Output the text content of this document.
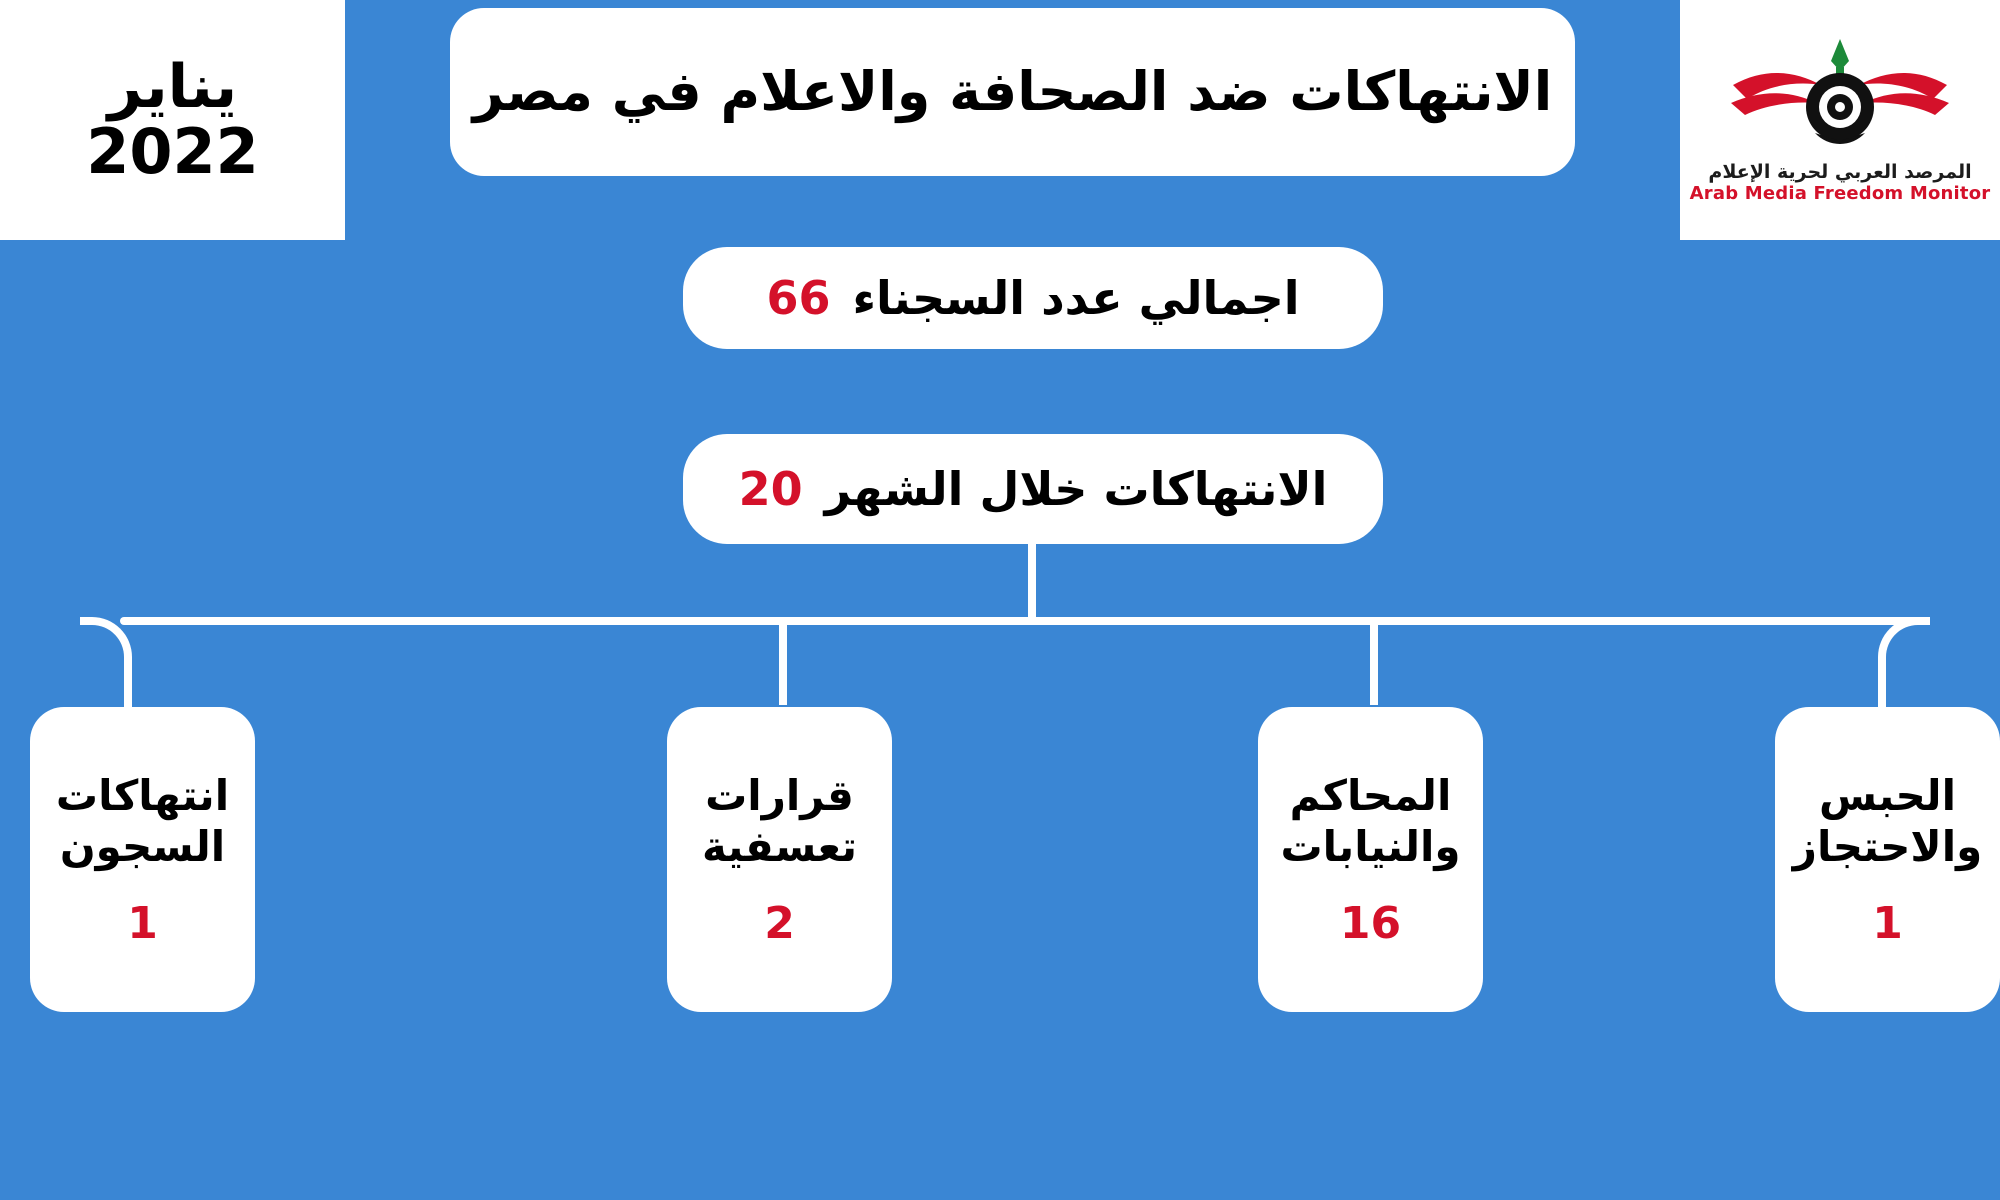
يناير
2022
الانتهاكات ضد الصحافة والاعلام في مصر
المرصد العربي لحرية الإعلام
Arab Media Freedom Monitor
اجمالي عدد السجناء
66
الانتهاكات خلال الشهر
20
الحبس والاحتجاز
1
المحاكم والنيابات
16
قرارات تعسفية
2
انتهاكات السجون
1
